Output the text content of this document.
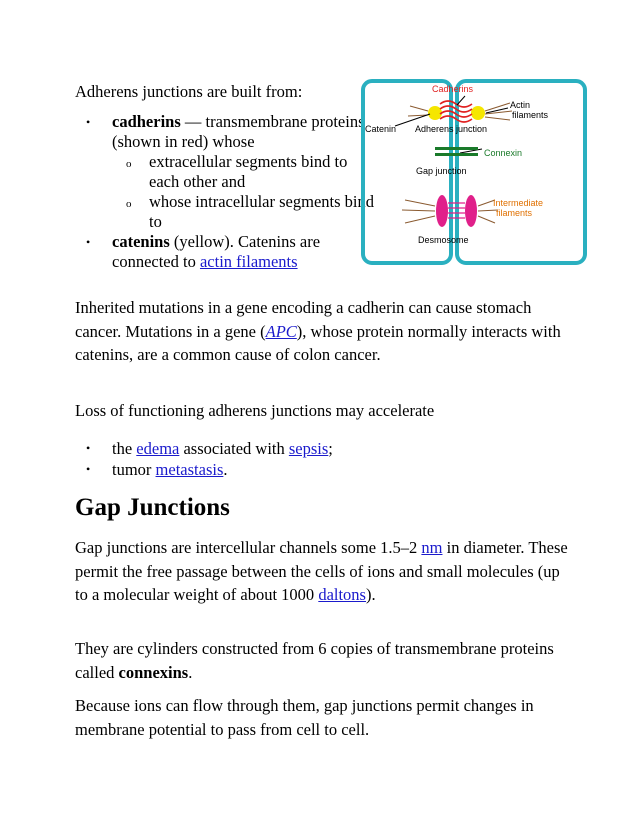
Adherens junctions are built from:

• cadherins — transmembrane proteins (shown in red) whose
o extracellular segments bind to each other and
o whose intracellular segments bind to
• catenins (yellow). Catenins are connected to actin filaments
Cadherins
Actin filaments
Catenin Adherens junction
Connexin
Gap junction
Intermediate filaments
Desmosome

Inherited mutations in a gene encoding a cadherin can cause stomach cancer. Mutations in a gene (APC), whose protein normally interacts with catenins, are a common cause of colon cancer.

Loss of functioning adherens junctions may accelerate

• the edema associated with sepsis;
• tumor metastasis.
Gap Junctions

Gap junctions are intercellular channels some 1.5–2 nm in diameter. These permit the free passage between the cells of ions and small molecules (up to a molecular weight of about 1000 daltons).

They are cylinders constructed from 6 copies of transmembrane proteins called connexins.

Because ions can flow through them, gap junctions permit changes in membrane potential to pass from cell to cell.
